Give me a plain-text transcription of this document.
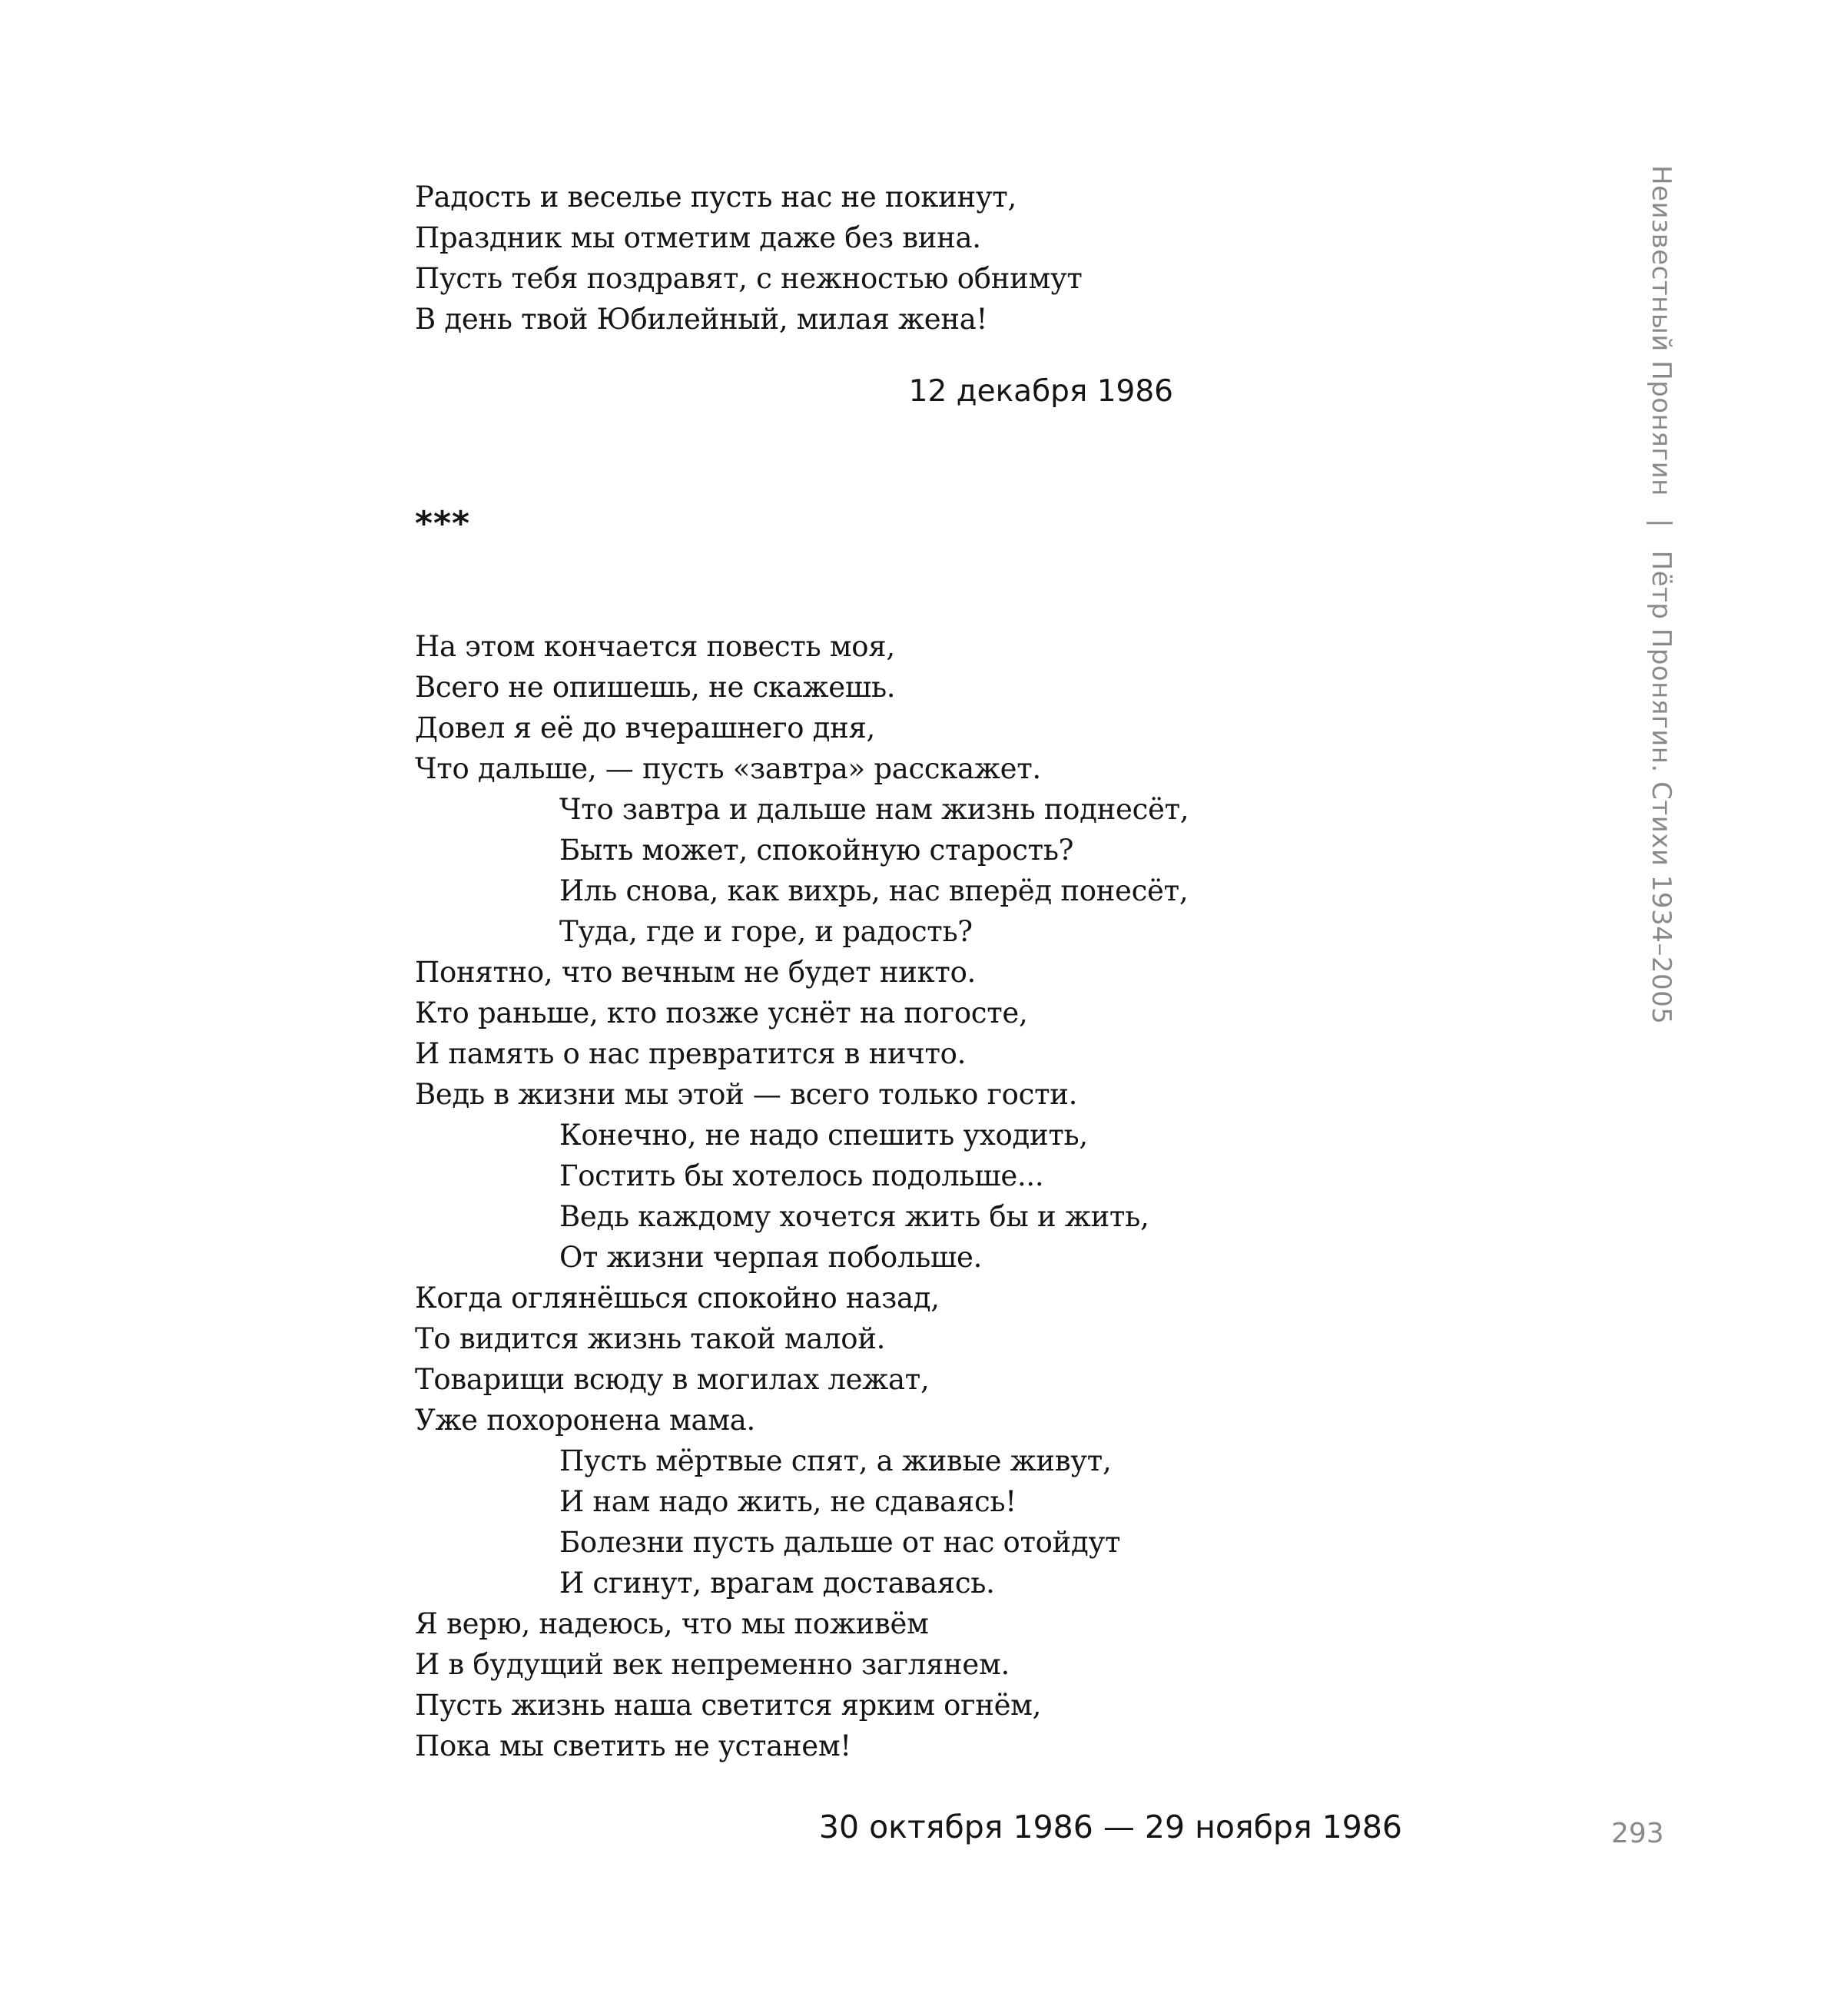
Радость и веселье пусть нас не покинут,
Праздник мы отметим даже без вина.
Пусть тебя поздравят, с нежностью обнимут
В день твой Юбилейный, милая жена!
12 декабря 1986
***
На этом кончается повесть моя,
Всего не опишешь, не скажешь.
Довел я её до вчерашнего дня,
Что дальше, — пусть «завтра» расскажет.
Что завтра и дальше нам жизнь поднесёт,
Быть может, спокойную старость?
Иль снова, как вихрь, нас вперёд понесёт,
Туда, где и горе, и радость?
Понятно, что вечным не будет никто.
Кто раньше, кто позже уснёт на погосте,
И память о нас превратится в ничто.
Ведь в жизни мы этой — всего только гости.
Конечно, не надо спешить уходить,
Гостить бы хотелось подольше...
Ведь каждому хочется жить бы и жить,
От жизни черпая побольше.
Когда оглянёшься спокойно назад,
То видится жизнь такой малой.
Товарищи всюду в могилах лежат,
Уже похоронена мама.
Пусть мёртвые спят, а живые живут,
И нам надо жить, не сдаваясь!
Болезни пусть дальше от нас отойдут
И сгинут, врагам доставаясь.
Я верю, надеюсь, что мы поживём
И в будущий век непременно заглянем.
Пусть жизнь наша светится ярким огнём,
Пока мы светить не устанем!
30 октября 1986 — 29 ноября 1986
Неизвестный Пронягин | Пётр Пронягин. Стихи 1934–2005
293
